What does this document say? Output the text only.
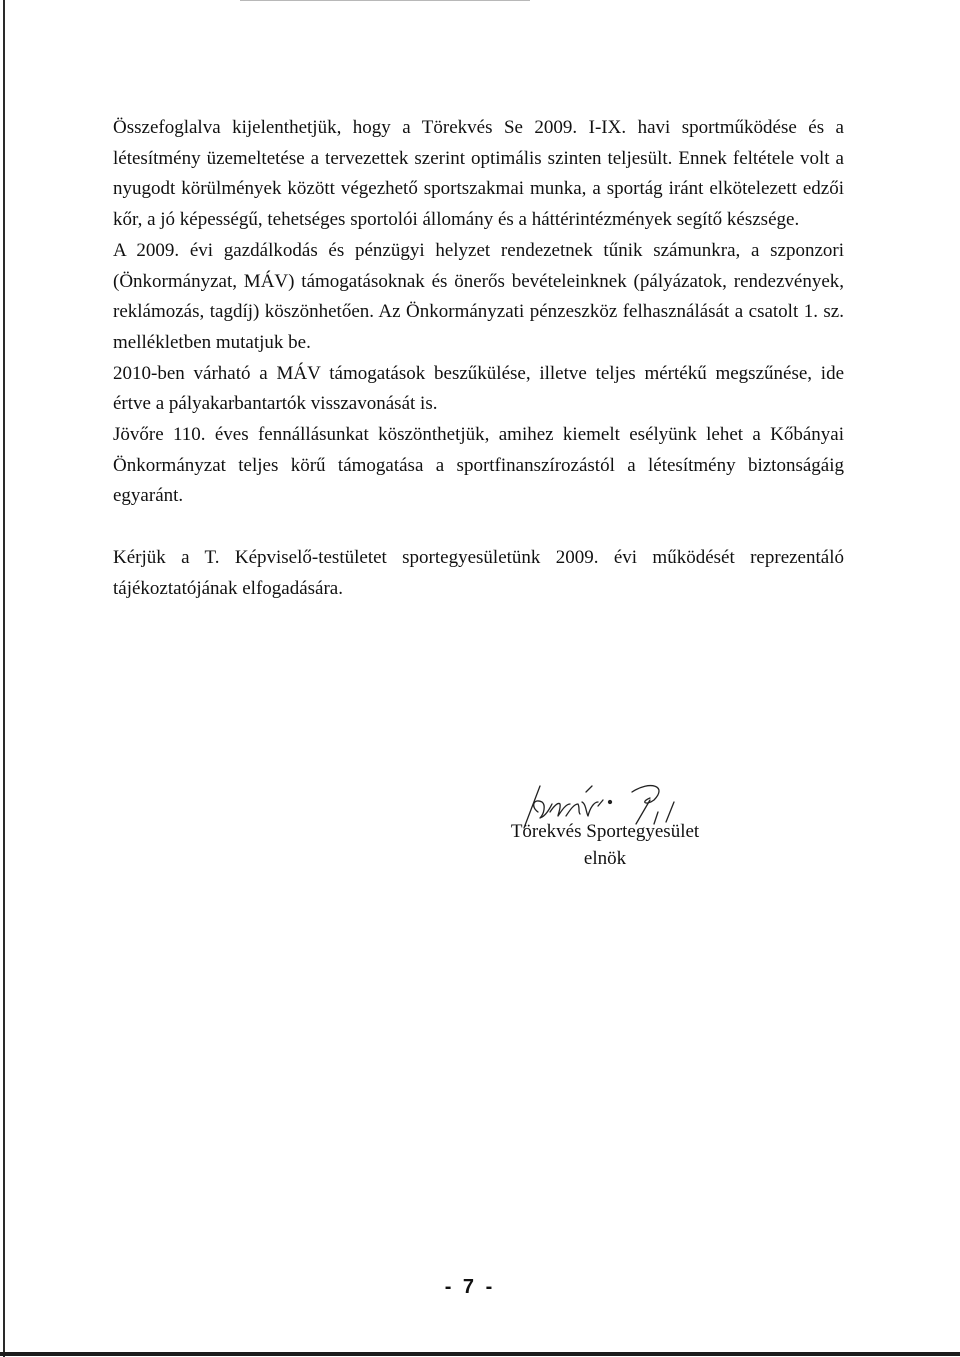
Összefoglalva kijelenthetjük, hogy a Törekvés Se 2009. I-IX. havi sportműködése és a létesítmény üzemeltetése a tervezettek szerint optimális szinten teljesült. Ennek feltétele volt a nyugodt körülmények között végezhető sportszakmai munka, a sportág iránt elkötelezett edzői kőr, a jó képességű, tehetséges sportolói állomány és a háttérintézmények segítő készsége.

A 2009. évi gazdálkodás és pénzügyi helyzet rendezetnek tűnik számunkra, a szponzori (Önkormányzat, MÁV) támogatásoknak és önerős bevételeinknek (pályázatok, rendezvények, reklámozás, tagdíj) köszönhetően. Az Önkormányzati pénzeszköz felhasználását a csatolt 1. sz. mellékletben mutatjuk be.

2010-ben várható a MÁV támogatások beszűkülése, illetve teljes mértékű megszűnése, ide értve a pályakarbantartók visszavonását is.

Jövőre 110. éves fennállásunkat köszönthetjük, amihez kiemelt esélyünk lehet a Kőbányai Önkormányzat teljes körű támogatása a sportfinanszírozástól a létesítmény biztonságáig egyaránt.

Kérjük a T. Képviselő-testületet sportegyesületünk 2009. évi működését reprezentáló tájékoztatójának elfogadására.

Törekvés Sportegyesület
elnök
- 7 -
